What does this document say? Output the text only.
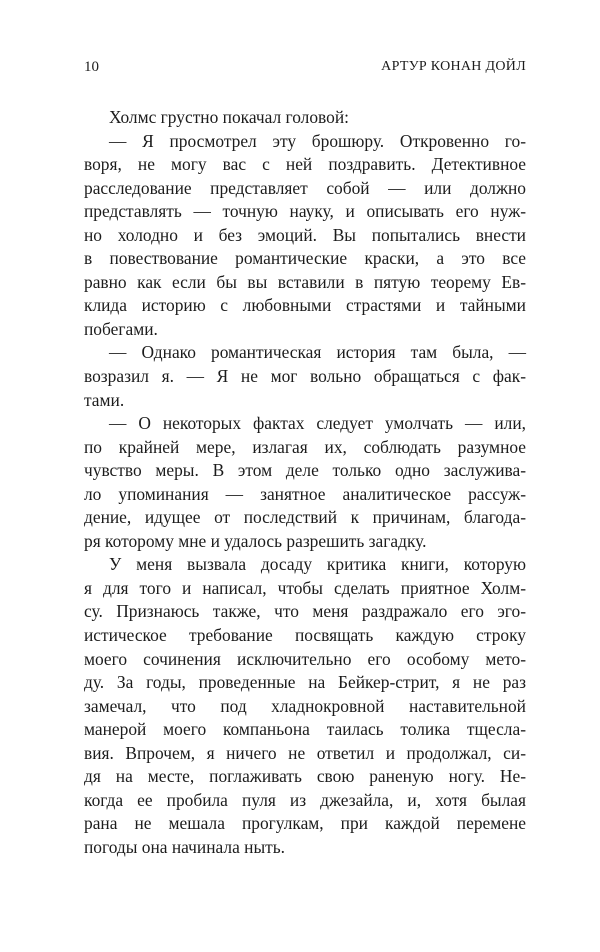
10	АРТУР КОНАН ДОЙЛ
Холмс грустно покачал головой:
— Я просмотрел эту брошюру. Откровенно го-
воря, не могу вас с ней поздравить. Детективное
расследование представляет собой — или должно
представлять — точную науку, и описывать его нуж-
но холодно и без эмоций. Вы попытались внести
в повествование романтические краски, а это все
равно как если бы вы вставили в пятую теорему Ев-
клида историю с любовными страстями и тайными
побегами.
— Однако романтическая история там была, —
возразил я. — Я не мог вольно обращаться с фак-
тами.
— О некоторых фактах следует умолчать — или,
по крайней мере, излагая их, соблюдать разумное
чувство меры. В этом деле только одно заслужива-
ло упоминания — занятное аналитическое рассуж-
дение, идущее от последствий к причинам, благода-
ря которому мне и удалось разрешить загадку.
У меня вызвала досаду критика книги, которую
я для того и написал, чтобы сделать приятное Холм-
су. Признаюсь также, что меня раздражало его эго-
истическое требование посвящать каждую строку
моего сочинения исключительно его особому мето-
ду. За годы, проведенные на Бейкер-стрит, я не раз
замечал, что под хладнокровной наставительной
манерой моего компаньона таилась толика тщесла-
вия. Впрочем, я ничего не ответил и продолжал, си-
дя на месте, поглаживать свою раненую ногу. Не-
когда ее пробила пуля из джезайла, и, хотя былая
рана не мешала прогулкам, при каждой перемене
погоды она начинала ныть.
